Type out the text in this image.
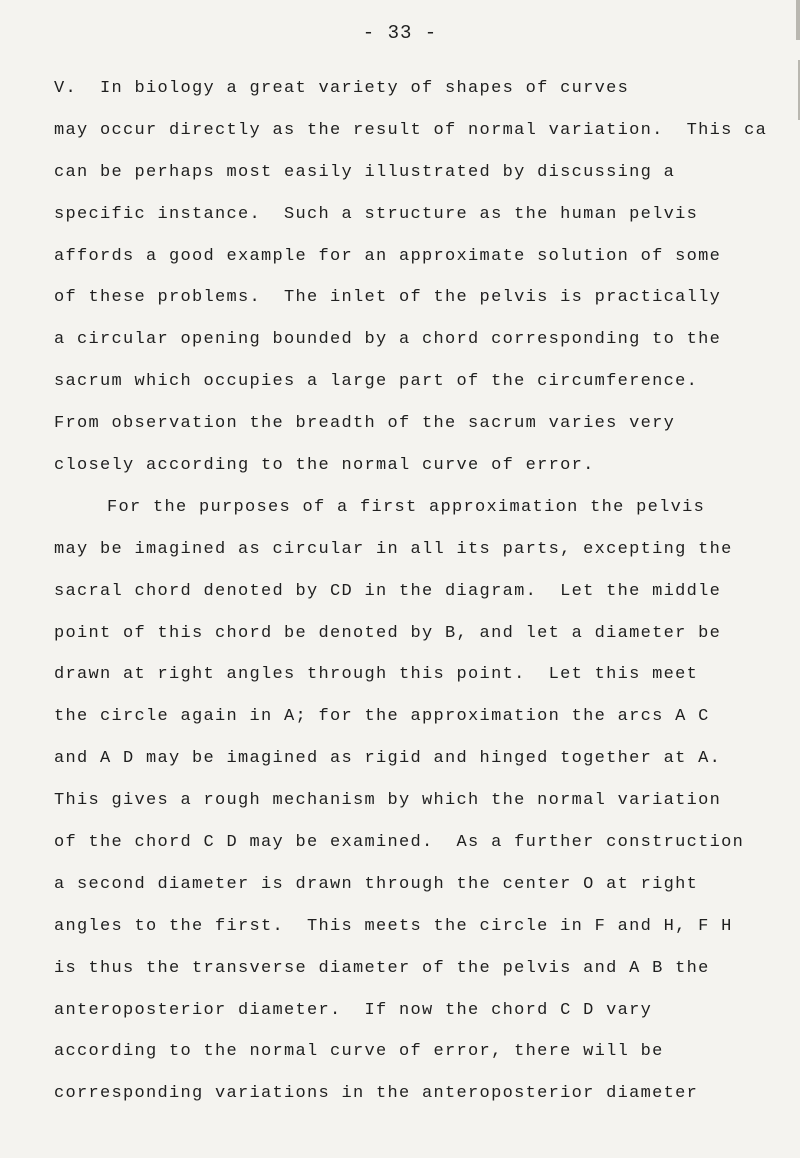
- 33 -
V.  In biology a great variety of shapes of curves
may occur directly as the result of normal variation.  This ca
can be perhaps most easily illustrated by discussing a
specific instance.  Such a structure as the human pelvis
affords a good example for an approximate solution of some
of these problems.  The inlet of the pelvis is practically
a circular opening bounded by a chord corresponding to the
sacrum which occupies a large part of the circumference.
From observation the breadth of the sacrum varies very
closely according to the normal curve of error.
For the purposes of a first approximation the pelvis
may be imagined as circular in all its parts, excepting the
sacral chord denoted by CD in the diagram.  Let the middle
point of this chord be denoted by B, and let a diameter be
drawn at right angles through this point.  Let this meet
the circle again in A; for the approximation the arcs A C
and A D may be imagined as rigid and hinged together at A.
This gives a rough mechanism by which the normal variation
of the chord C D may be examined.  As a further construction
a second diameter is drawn through the center O at right
angles to the first.  This meets the circle in F and H, F H
is thus the transverse diameter of the pelvis and A B the
anteroposterior diameter.  If now the chord C D vary
according to the normal curve of error, there will be
corresponding variations in the anteroposterior diameter
